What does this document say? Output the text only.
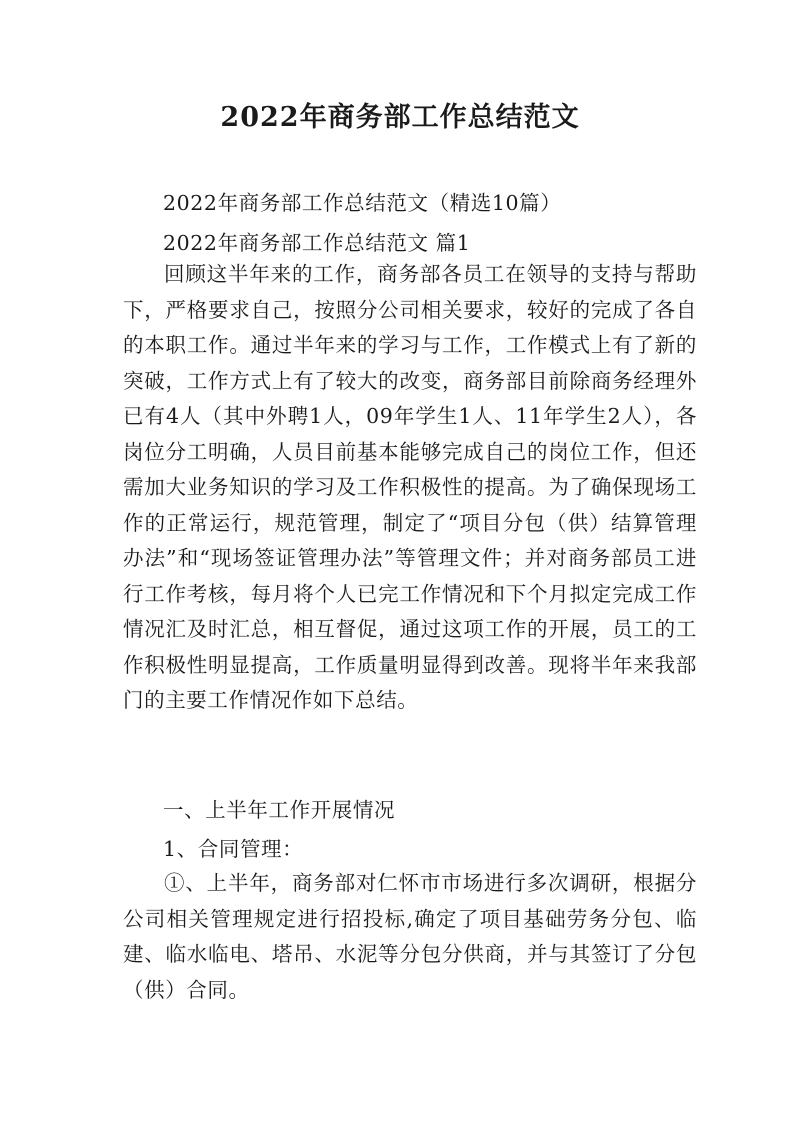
2022年商务部工作总结范文

2022年商务部工作总结范文（精选10篇）

2022年商务部工作总结范文 篇1

回顾这半年来的工作，商务部各员工在领导的支持与帮助下，严格要求自己，按照分公司相关要求，较好的完成了各自的本职工作。通过半年来的学习与工作，工作模式上有了新的突破，工作方式上有了较大的改变，商务部目前除商务经理外已有4人（其中外聘1人，09年学生1人、11年学生2人），各岗位分工明确，人员目前基本能够完成自己的岗位工作，但还需加大业务知识的学习及工作积极性的提高。为了确保现场工作的正常运行，规范管理，制定了“项目分包（供）结算管理办法”和“现场签证管理办法”等管理文件；并对商务部员工进行工作考核，每月将个人已完工作情况和下个月拟定完成工作情况汇及时汇总，相互督促，通过这项工作的开展，员工的工作积极性明显提高，工作质量明显得到改善。现将半年来我部门的主要工作情况作如下总结。

一、上半年工作开展情况

1、合同管理：

①、上半年，商务部对仁怀市市场进行多次调研，根据分公司相关管理规定进行招投标,确定了项目基础劳务分包、临建、临水临电、塔吊、水泥等分包分供商，并与其签订了分包（供）合同。
